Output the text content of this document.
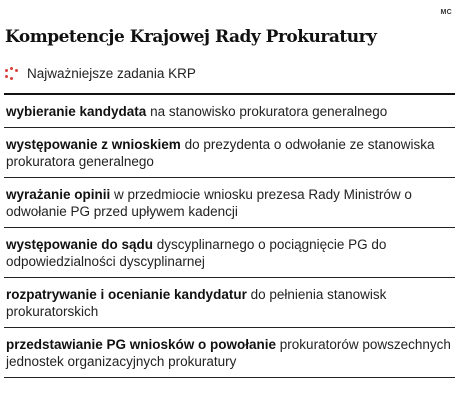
MC
Kompetencje Krajowej Rady Prokuratury
Najważniejsze zadania KRP
wybieranie kandydata na stanowisko prokuratora generalnego
występowanie z wnioskiem do prezydenta o odwołanie ze stanowiska prokuratora generalnego
wyrażanie opinii w przedmiocie wniosku prezesa Rady Ministrów o odwołanie PG przed upływem kadencji
występowanie do sądu dyscyplinarnego o pociągnięcie PG do odpowiedzialności dyscyplinarnej
rozpatrywanie i ocenianie kandydatur do pełnienia stanowisk prokuratorskich
przedstawianie PG wniosków o powołanie prokuratorów powszechnych jednostek organizacyjnych prokuratury
